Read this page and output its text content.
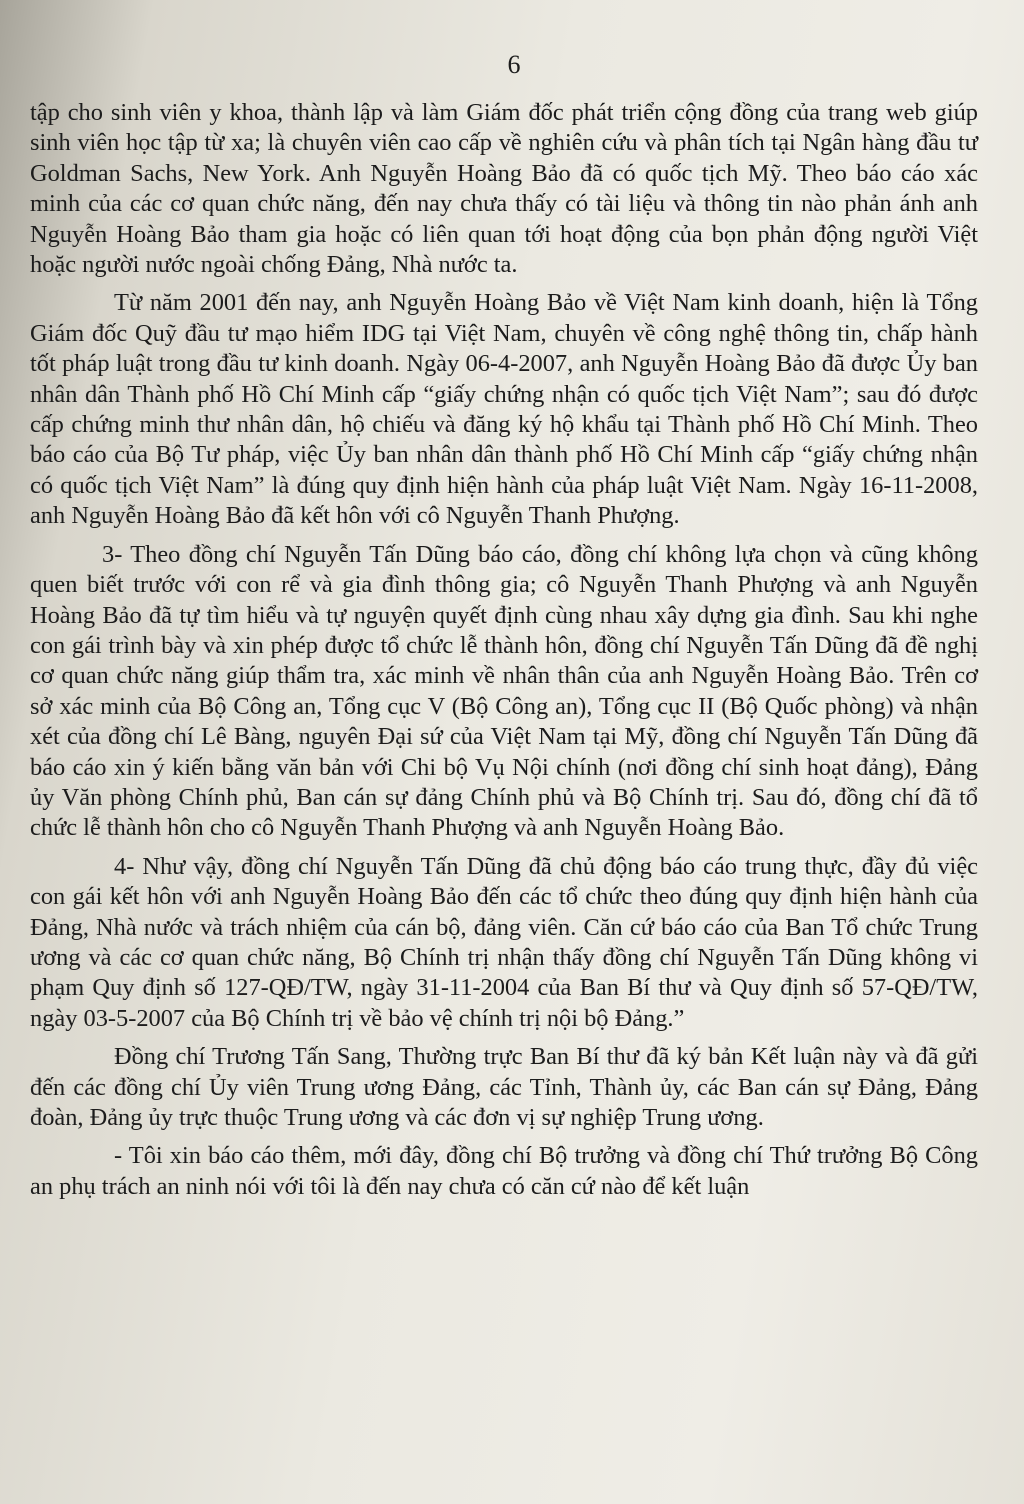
6

tập cho sinh viên y khoa, thành lập và làm Giám đốc phát triển cộng đồng của trang web giúp sinh viên học tập từ xa; là chuyên viên cao cấp về nghiên cứu và phân tích tại Ngân hàng đầu tư Goldman Sachs, New York. Anh Nguyễn Hoàng Bảo đã có quốc tịch Mỹ. Theo báo cáo xác minh của các cơ quan chức năng, đến nay chưa thấy có tài liệu và thông tin nào phản ánh anh Nguyễn Hoàng Bảo tham gia hoặc có liên quan tới hoạt động của bọn phản động người Việt hoặc người nước ngoài chống Đảng, Nhà nước ta.

Từ năm 2001 đến nay, anh Nguyễn Hoàng Bảo về Việt Nam kinh doanh, hiện là Tổng Giám đốc Quỹ đầu tư mạo hiểm IDG tại Việt Nam, chuyên về công nghệ thông tin, chấp hành tốt pháp luật trong đầu tư kinh doanh. Ngày 06-4-2007, anh Nguyễn Hoàng Bảo đã được Ủy ban nhân dân Thành phố Hồ Chí Minh cấp “giấy chứng nhận có quốc tịch Việt Nam”; sau đó được cấp chứng minh thư nhân dân, hộ chiếu và đăng ký hộ khẩu tại Thành phố Hồ Chí Minh. Theo báo cáo của Bộ Tư pháp, việc Ủy ban nhân dân thành phố Hồ Chí Minh cấp “giấy chứng nhận có quốc tịch Việt Nam” là đúng quy định hiện hành của pháp luật Việt Nam. Ngày 16-11-2008, anh Nguyễn Hoàng Bảo đã kết hôn với cô Nguyễn Thanh Phượng.

3- Theo đồng chí Nguyễn Tấn Dũng báo cáo, đồng chí không lựa chọn và cũng không quen biết trước với con rể và gia đình thông gia; cô Nguyễn Thanh Phượng và anh Nguyễn Hoàng Bảo đã tự tìm hiểu và tự nguyện quyết định cùng nhau xây dựng gia đình. Sau khi nghe con gái trình bày và xin phép được tổ chức lễ thành hôn, đồng chí Nguyễn Tấn Dũng đã đề nghị cơ quan chức năng giúp thẩm tra, xác minh về nhân thân của anh Nguyễn Hoàng Bảo. Trên cơ sở xác minh của Bộ Công an, Tổng cục V (Bộ Công an), Tổng cục II (Bộ Quốc phòng) và nhận xét của đồng chí Lê Bàng, nguyên Đại sứ của Việt Nam tại Mỹ, đồng chí Nguyễn Tấn Dũng đã báo cáo xin ý kiến bằng văn bản với Chi bộ Vụ Nội chính (nơi đồng chí sinh hoạt đảng), Đảng ủy Văn phòng Chính phủ, Ban cán sự đảng Chính phủ và Bộ Chính trị. Sau đó, đồng chí đã tổ chức lễ thành hôn cho cô Nguyễn Thanh Phượng và anh Nguyễn Hoàng Bảo.

4- Như vậy, đồng chí Nguyễn Tấn Dũng đã chủ động báo cáo trung thực, đầy đủ việc con gái kết hôn với anh Nguyễn Hoàng Bảo đến các tổ chức theo đúng quy định hiện hành của Đảng, Nhà nước và trách nhiệm của cán bộ, đảng viên. Căn cứ báo cáo của Ban Tổ chức Trung ương và các cơ quan chức năng, Bộ Chính trị nhận thấy đồng chí Nguyễn Tấn Dũng không vi phạm Quy định số 127-QĐ/TW, ngày 31-11-2004 của Ban Bí thư và Quy định số 57-QĐ/TW, ngày 03-5-2007 của Bộ Chính trị về bảo vệ chính trị nội bộ Đảng.”

Đồng chí Trương Tấn Sang, Thường trực Ban Bí thư đã ký bản Kết luận này và đã gửi đến các đồng chí Ủy viên Trung ương Đảng, các Tỉnh, Thành ủy, các Ban cán sự Đảng, Đảng đoàn, Đảng ủy trực thuộc Trung ương và các đơn vị sự nghiệp Trung ương.

- Tôi xin báo cáo thêm, mới đây, đồng chí Bộ trưởng và đồng chí Thứ trưởng Bộ Công an phụ trách an ninh nói với tôi là đến nay chưa có căn cứ nào để kết luận
